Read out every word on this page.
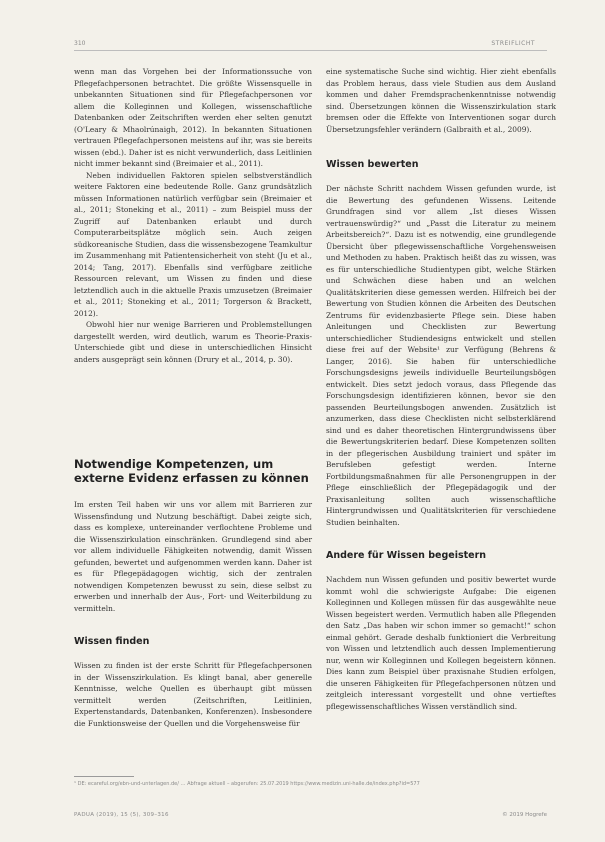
310	STREIFLICHT

wenn man das Vorgehen bei der Informationssuche von Pflegefachpersonen betrachtet. Die größte Wissensquelle in unbekannten Situationen sind für Pflegefachpersonen vor allem die Kolleginnen und Kollegen, wissenschaftliche Datenbanken oder Zeitschriften werden eher selten genutzt (O'Leary & Mhaolrúnaigh, 2012). In bekannten Situationen vertrauen Pflegefachpersonen meistens auf ihr, was sie bereits wissen (ebd.). Daher ist es nicht verwunderlich, dass Leitlinien nicht immer bekannt sind (Breimaier et al., 2011).

Neben individuellen Faktoren spielen selbstverständlich weitere Faktoren eine bedeutende Rolle. Ganz grundsätzlich müssen Informationen natürlich verfügbar sein (Breimaier et al., 2011; Stoneking et al., 2011) – zum Beispiel muss der Zugriff auf Datenbanken erlaubt und durch Computerarbeitsplätze möglich sein. Auch zeigen südkoreanische Studien, dass die wissensbezogene Teamkultur im Zusammenhang mit Patientensicherheit von steht (Ju et al., 2014; Tang, 2017). Ebenfalls sind verfügbare zeitliche Ressourcen relevant, um Wissen zu finden und diese letztendlich auch in die aktuelle Praxis umzusetzen (Breimaier et al., 2011; Stoneking et al., 2011; Torgerson & Brackett, 2012).

Obwohl hier nur wenige Barrieren und Problemstellungen dargestellt werden, wird deutlich, warum es Theorie-Praxis-Unterschiede gibt und diese in unterschiedlichen Hinsicht anders ausgeprägt sein können (Drury et al., 2014, p. 30).

Notwendige Kompetenzen, um externe Evidenz erfassen zu können

Im ersten Teil haben wir uns vor allem mit Barrieren zur Wissensfindung und Nutzung beschäftigt. Dabei zeigte sich, dass es komplexe, untereinander verflochtene Probleme und die Wissenszirkulation einschränken. Grundlegend sind aber vor allem individuelle Fähigkeiten notwendig, damit Wissen gefunden, bewertet und aufgenommen werden kann. Daher ist es für Pflegepädagogen wichtig, sich der zentralen notwendigen Kompetenzen bewusst zu sein, diese selbst zu erwerben und innerhalb der Aus-, Fort- und Weiterbildung zu vermitteln.

Wissen finden

Wissen zu finden ist der erste Schritt für Pflegefachpersonen in der Wissenszirkulation. Es klingt banal, aber generelle Kenntnisse, welche Quellen es überhaupt gibt müssen vermittelt werden (Zeitschriften, Leitlinien, Expertenstandards, Datenbanken, Konferenzen). Insbesondere die Funktionsweise der Quellen und die Vorgehensweise für

eine systematische Suche sind wichtig. Hier zieht ebenfalls das Problem heraus, dass viele Studien aus dem Ausland kommen und daher Fremdsprachenkenntnisse notwendig sind. Übersetzungen können die Wissenszirkulation stark bremsen oder die Effekte von Interventionen sogar durch Übersetzungsfehler verändern (Galbraith et al., 2009).

Wissen bewerten

Der nächste Schritt nachdem Wissen gefunden wurde, ist die Bewertung des gefundenen Wissens. Leitende Grundfragen sind vor allem „Ist dieses Wissen vertrauenswürdig?“ und „Passt die Literatur zu meinem Arbeitsbereich?“. Dazu ist es notwendig, eine grundlegende Übersicht über pflegewissenschaftliche Vorgehensweisen und Methoden zu haben. Praktisch heißt das zu wissen, was es für unterschiedliche Studientypen gibt, welche Stärken und Schwächen diese haben und an welchen Qualitätskriterien diese gemessen werden. Hilfreich bei der Bewertung von Studien können die Arbeiten des Deutschen Zentrums für evidenzbasierte Pflege sein. Diese haben Anleitungen und Checklisten zur Bewertung unterschiedlicher Studiendesigns entwickelt und stellen diese frei auf der Website¹ zur Verfügung (Behrens & Langer, 2016). Sie haben für unterschiedliche Forschungsdesigns jeweils individuelle Beurteilungsbögen entwickelt. Dies setzt jedoch voraus, dass Pflegende das Forschungsdesign identifizieren können, bevor sie den passenden Beurteilungsbogen anwenden. Zusätzlich ist anzumerken, dass diese Checklisten nicht selbsterklärend sind und es daher theoretischen Hintergrundwissens über die Bewertungskriterien bedarf. Diese Kompetenzen sollten in der pflegerischen Ausbildung trainiert und später im Berufsleben gefestigt werden. Interne Fortbildungsmaßnahmen für alle Personengruppen in der Pflege einschließlich der Pflegepädagogik und der Praxisanleitung sollten auch wissenschaftliche Hintergrundwissen und Qualitätskriterien für verschiedene Studien beinhalten.

Andere für Wissen begeistern

Nachdem nun Wissen gefunden und positiv bewertet wurde kommt wohl die schwierigste Aufgabe: Die eigenen Kolleginnen und Kollegen müssen für das ausgewählte neue Wissen begeistert werden. Vermutlich haben alle Pflegenden den Satz „Das haben wir schon immer so gemacht!“ schon einmal gehört. Gerade deshalb funktioniert die Verbreitung von Wissen und letztendlich auch dessen Implementierung nur, wenn wir Kolleginnen und Kollegen begeistern können. Dies kann zum Beispiel über praxisnahe Studien erfolgen, die unseren Fähigkeiten für Pflegefachpersonen nützen und zeitgleich interessant vorgestellt und ohne vertieftes pflegewissenschaftliches Wissen verständlich sind.

¹ DE: ecareful.org/ebn-und-unterlagen.de/ … Abfrage aktuell – abgerufen: 25.07.2019 https://www.medizin.uni-halle.de/index.php?id=577
PADUA (2019), 15 (5), 309–316	© 2019 Hogrefe
